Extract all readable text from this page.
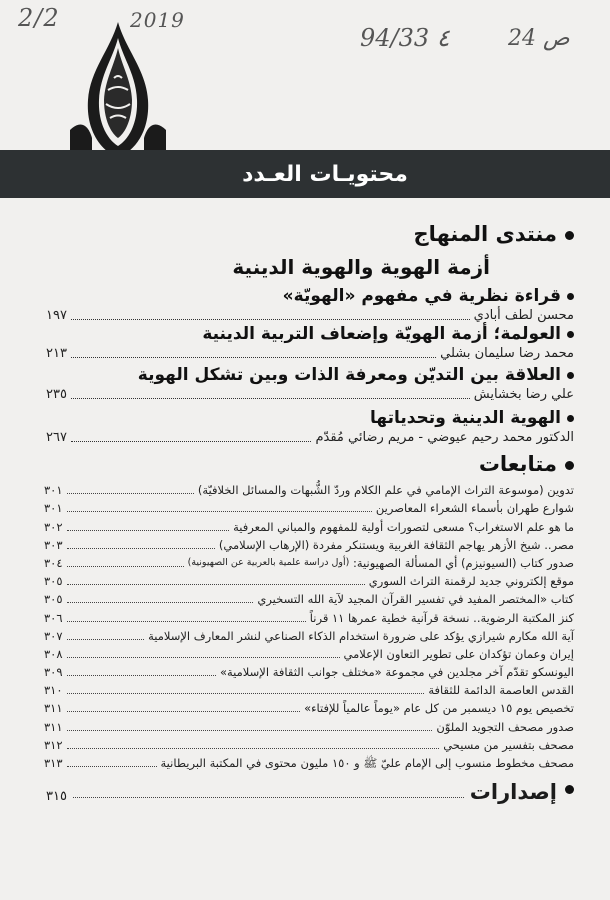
2/2	2019
94/33 ٤	24 ص
محتويـات العـدد
منتدى المنهاج
أزمة الهوية والهوية الدينية
قراءة نظرية في مفهوم «الهويّة»
محسن لطف أبادي
١٩٧
العولمة؛ أزمة الهويّة وإضعاف التربية الدينية
محمد رضا سليمان بشلي
٢١٣
العلاقة بين التديّن ومعرفة الذات وبين تشكل الهوية
علي رضا بخشايش
٢٣٥
الهوية الدينية وتحدياتها
الدكتور محمد رحيم عيوضي - مريم رضائي مُقدّم
٢٦٧
متابعات
تدوين (موسوعة التراث الإمامي في علم الكلام وردّ الشُّبهات والمسائل الخلافيّة)
٣٠١
شوارع طهران بأسماء الشعراء المعاصرين
٣٠١
ما هو علم الاستغراب؟ مسعى لتصورات أولية للمفهوم والمباني المعرفية
٣٠٢
مصر.. شيخ الأزهر يهاجم الثقافة الغربية ويستنكر مفردة (الإرهاب الإسلامي)
٣٠٣
صدور كتاب (السيونيزم) أي المسألة الصهيونية:

(أول دراسة علمية بالعربية عن الصهيونية)
٣٠٤
موقع إلكتروني جديد لرقمنة التراث السوري
٣٠٥
كتاب «المختصر المفيد في تفسير القرآن المجيد لآية الله التسخيري
٣٠٥
كنز المكتبة الرضوية.. نسخة قرآنية خطية عمرها ١١ قرناً
٣٠٦
آية الله مكارم شيرازي يؤكد على ضرورة استخدام الذكاء الصناعي لنشر المعارف الإسلامية
٣٠٧
إيران وعمان تؤكدان على تطوير التعاون الإعلامي
٣٠٨
اليونسكو تقدّم آخر مجلدين في مجموعة «مختلف جوانب الثقافة الإسلامية»
٣٠٩
القدس العاصمة الدائمة للثقافة
٣١٠
تخصيص يوم ١٥ ديسمبر من كل عام «يوماً عالمياً للإفتاء»
٣١١
صدور مصحف التجويد الملوّن
٣١١
مصحف بتفسير من مسيحي
٣١٢
مصحف مخطوط منسوب إلى الإمام عليّ ﷺ و ١٥٠ مليون محتوى في المكتبة البريطانية
٣١٣
إصدارات
٣١٥
